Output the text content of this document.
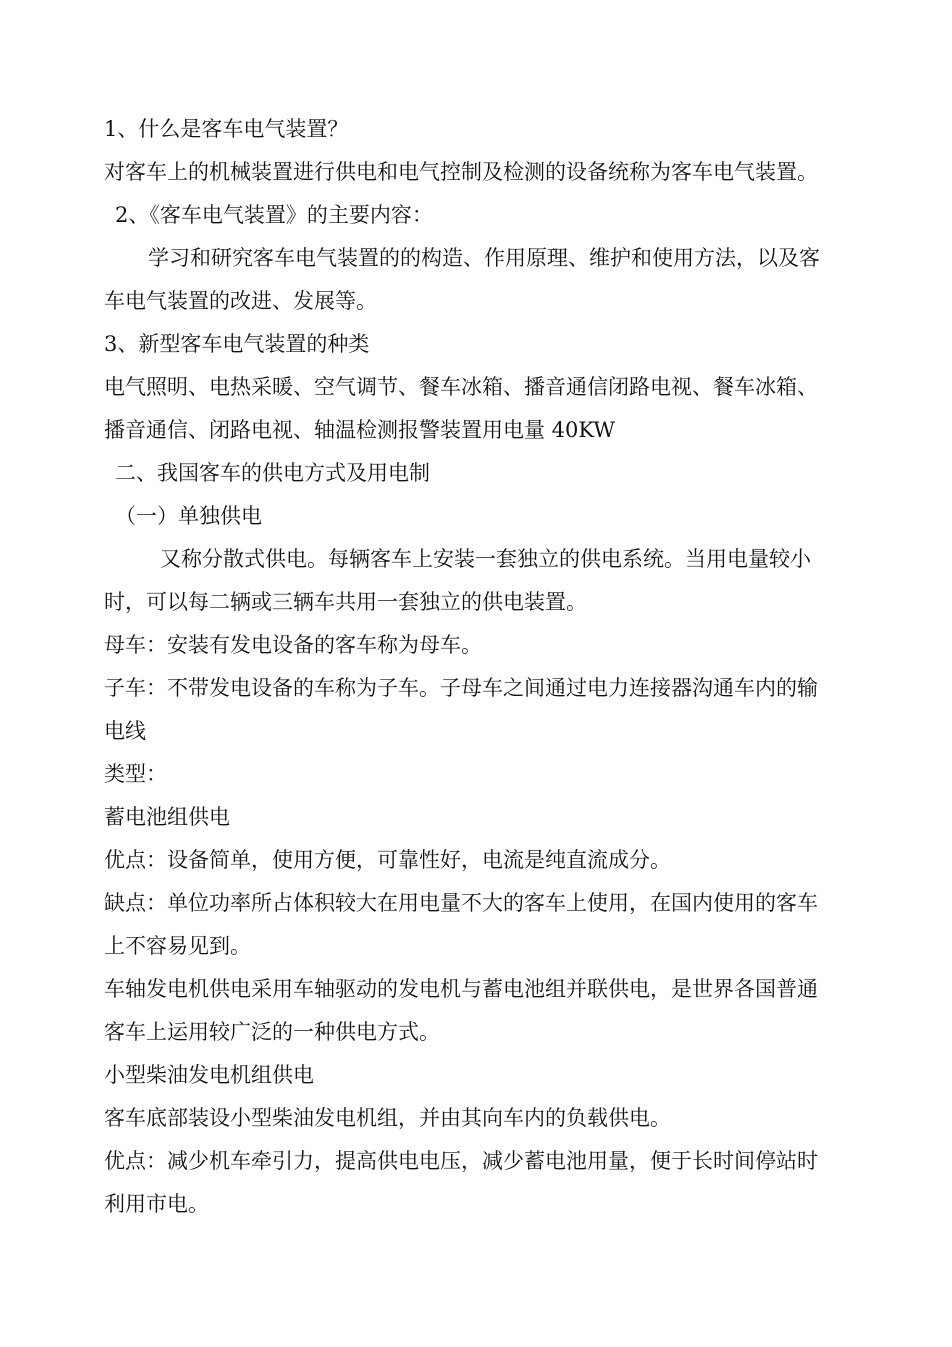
1、什么是客车电气装置？
对客车上的机械装置进行供电和电气控制及检测的设备统称为客车电气装置。
2、《客车电气装置》的主要内容：
学习和研究客车电气装置的的构造、作用原理、维护和使用方法，以及客
车电气装置的改进、发展等。
3、新型客车电气装置的种类
电气照明、电热采暖、空气调节、餐车冰箱、播音通信闭路电视、餐车冰箱、
播音通信、闭路电视、轴温检测报警装置用电量 40KW
二、我国客车的供电方式及用电制
（一）单独供电
又称分散式供电。每辆客车上安装一套独立的供电系统。当用电量较小
时，可以每二辆或三辆车共用一套独立的供电装置。
母车：安装有发电设备的客车称为母车。
子车：不带发电设备的车称为子车。子母车之间通过电力连接器沟通车内的输
电线
类型：
蓄电池组供电
优点：设备简单，使用方便，可靠性好，电流是纯直流成分。
缺点：单位功率所占体积较大在用电量不大的客车上使用，在国内使用的客车
上不容易见到。
车轴发电机供电采用车轴驱动的发电机与蓄电池组并联供电，是世界各国普通
客车上运用较广泛的一种供电方式。
小型柴油发电机组供电
客车底部装设小型柴油发电机组，并由其向车内的负载供电。
优点：减少机车牵引力，提高供电电压，减少蓄电池用量，便于长时间停站时
利用市电。
